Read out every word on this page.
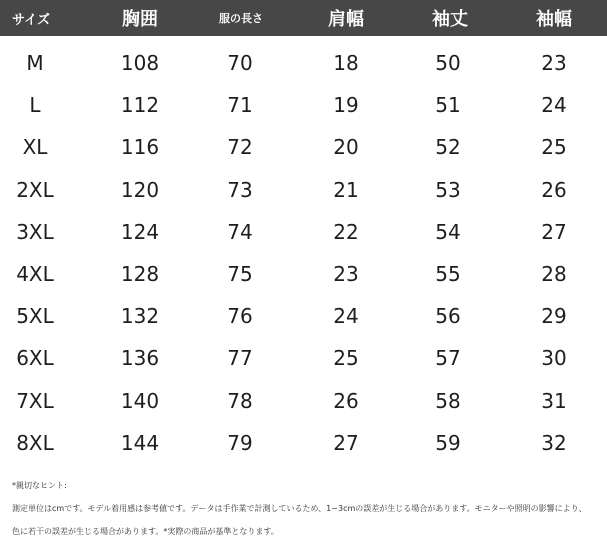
サイズ	胸囲	服の長さ	肩幅	袖丈	袖幅
M	108	70	18	50	23
L	112	71	19	51	24
XL	116	72	20	52	25
2XL	120	73	21	53	26
3XL	124	74	22	54	27
4XL	128	75	23	55	28
5XL	132	76	24	56	29
6XL	136	77	25	57	30
7XL	140	78	26	58	31
8XL	144	79	27	59	32
*親切なヒント:
測定単位はcmです。モデル着用感は参考値です。データは手作業で計測しているため、1~3cmの誤差が生じる場合があります。モニターや照明の影響により、
色に若干の誤差が生じる場合があります。*実際の商品が基準となります。
